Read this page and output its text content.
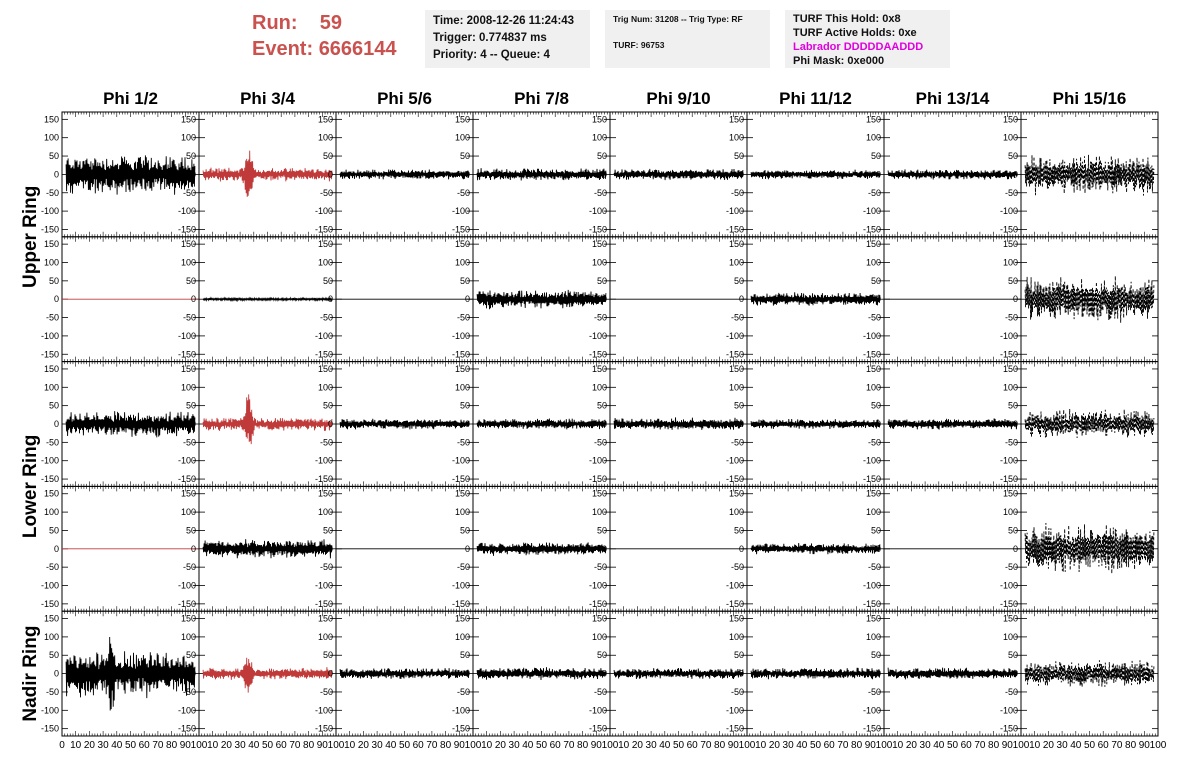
Run: 59
Event: 6666144
Time: 2008-12-26 11:24:43
Trigger: 0.774837 ms
Priority: 4 -- Queue: 4
Trig Num: 31208 -- Trig Type: RF
TURF: 96753
TURF This Hold: 0x8
TURF Active Holds: 0xe
Labrador DDDDDAADDD
Phi Mask: 0xe000
Phi 1/2	Phi 3/4	Phi 5/6	Phi 7/8	Phi 9/10	Phi 11/12	Phi 13/14	Phi 15/16
Upper Ring
Lower Ring
Nadir Ring
-150
-100
-50
0
50
100
150
-150
-100
-50
0
50
100
150
-150
-100
-50
0
50
100
150
-150
-100
-50
0
50
100
150
-150
-100
-50
0
50
100
150
-150
-100
-50
0
50
100
150
-150
-100
-50
0
50
100
150
-150
-100
-50
0
50
100
150
-150
-100
-50
0
50
100
150
-150
-100
-50
0
50
100
150
-150
-100
-50
0
50
100
150
-150
-100
-50
0
50
100
150
-150
-100
-50
0
50
100
150
-150
-100
-50
0
50
100
150
-150
-100
-50
0
50
100
150
-150
-100
-50
0
50
100
150
-150
-100
-50
0
50
100
150
-150
-100
-50
0
50
100
150
-150
-100
-50
0
50
100
150
-150
-100
-50
0
50
100
150
-150
-100
-50
0
50
100
150
-150
-100
-50
0
50
100
150
-150
-100
-50
0
50
100
150
-150
-100
-50
0
50
100
150
-150
-100
-50
0
50
100
150
-150
-100
-50
0
50
100
150
-150
-100
-50
0
50
100
150
-150
-100
-50
0
50
100
150
-150
-100
-50
0
50
100
150
-150
-100
-50
0
50
100
150
-150
-100
-50
0
50
100
150
-150
-100
-50
0
50
100
150
-150
-100
-50
0
50
100
150
-150
-100
-50
0
50
100
150
-150
-100
-50
0
50
100
150
-150
-100
-50
0
50
100
150
-150
-100
-50
0
50
100
150
-150
-100
-50
0
50
100
150
-150
-100
-50
0
50
100
150
-150
-100
-50
0
50
100
150
0 10 20 30 40 50 60 70 80 90 100 10 20 30 40 50 60 70 80 90 100 10 20 30 40 50 60 70 80 90 100 10 20 30 40 50 60 70 80 90 100 10 20 30 40 50 60 70 80 90 100 10 20 30 40 50 60 70 80 90 100 10 20 30 40 50 60 70 80 90 100 10 20 30 40 50 60 70 80 90 100
